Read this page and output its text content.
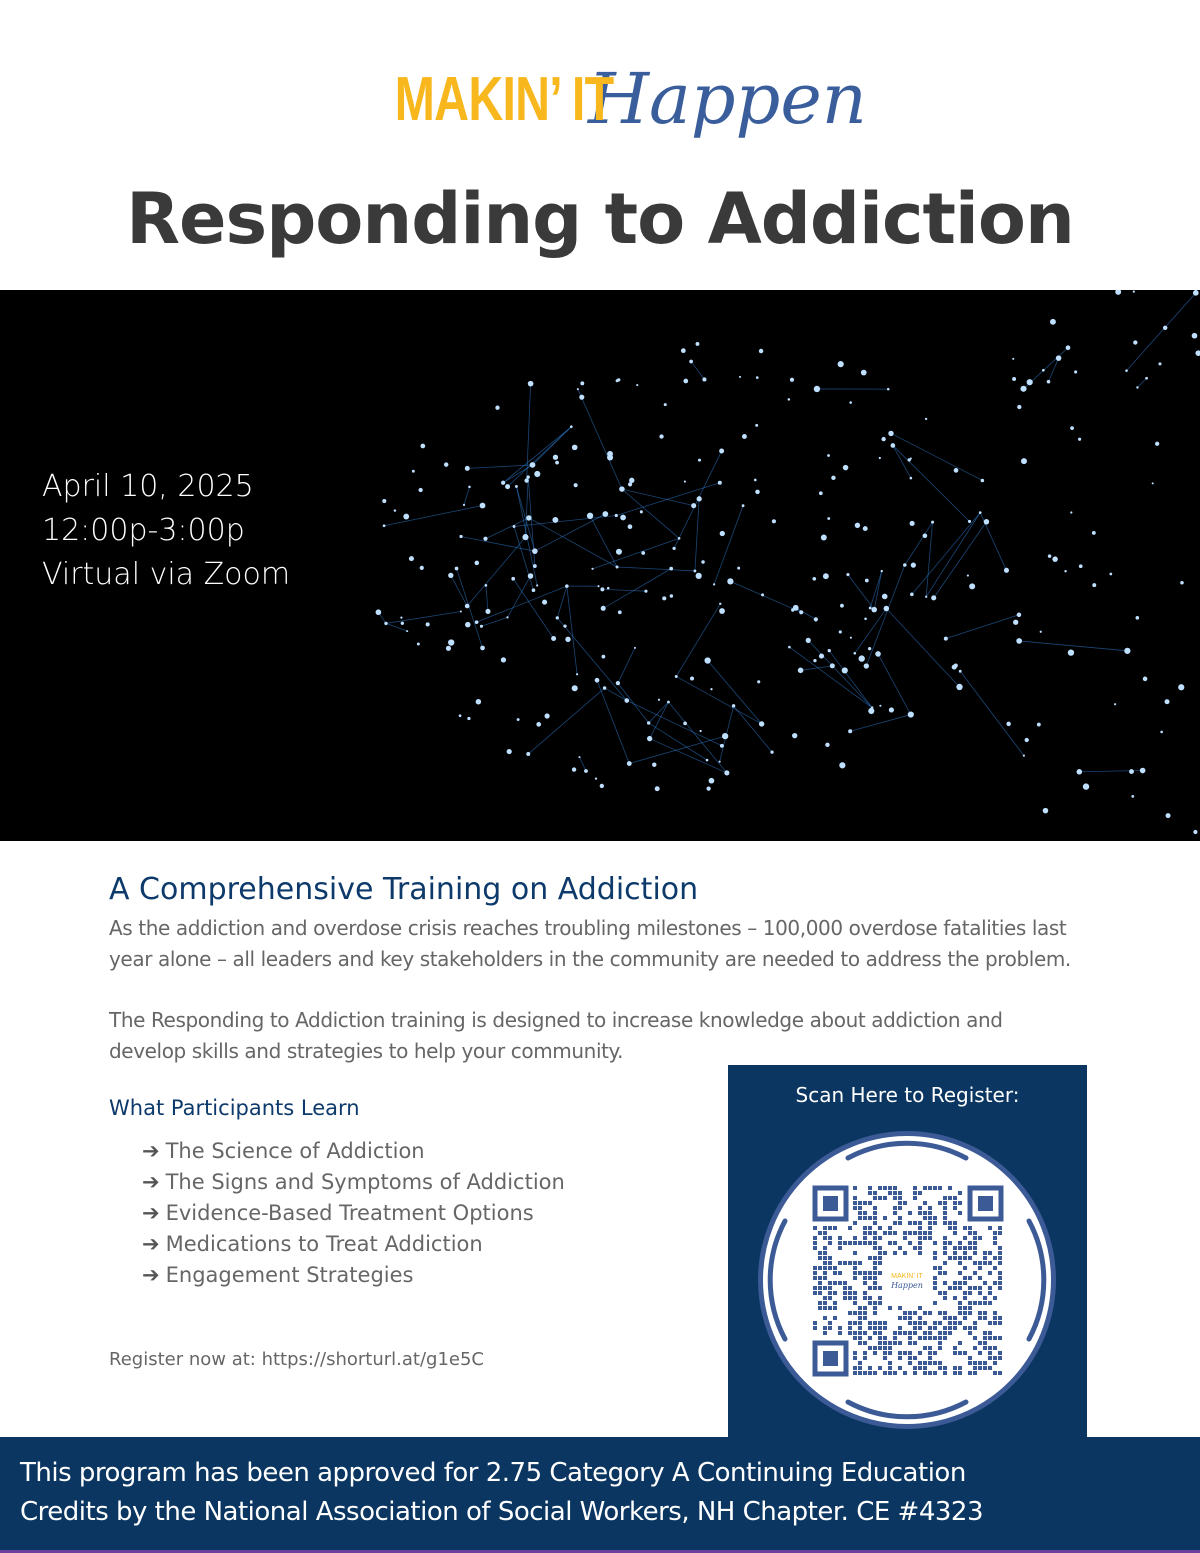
MAKIN’ IT Happen
Responding to Addiction
April 10, 2025
12:00p-3:00p
Virtual via Zoom
A Comprehensive Training on Addiction
As the addiction and overdose crisis reaches troubling milestones – 100,000 overdose fatalities last year alone – all leaders and key stakeholders in the community are needed to address the problem.
The Responding to Addiction training is designed to increase knowledge about addiction and develop skills and strategies to help your community.
What Participants Learn
➔ The Science of Addiction
➔ The Signs and Symptoms of Addiction
➔ Evidence-Based Treatment Options
➔ Medications to Treat Addiction
➔ Engagement Strategies
Register now at: https://shorturl.at/g1e5C
Scan Here to Register:
MAKIN’ IT
Happen

This program has been approved for 2.75 Category A Continuing Education
Credits by the National Association of Social Workers, NH Chapter. CE #4323
